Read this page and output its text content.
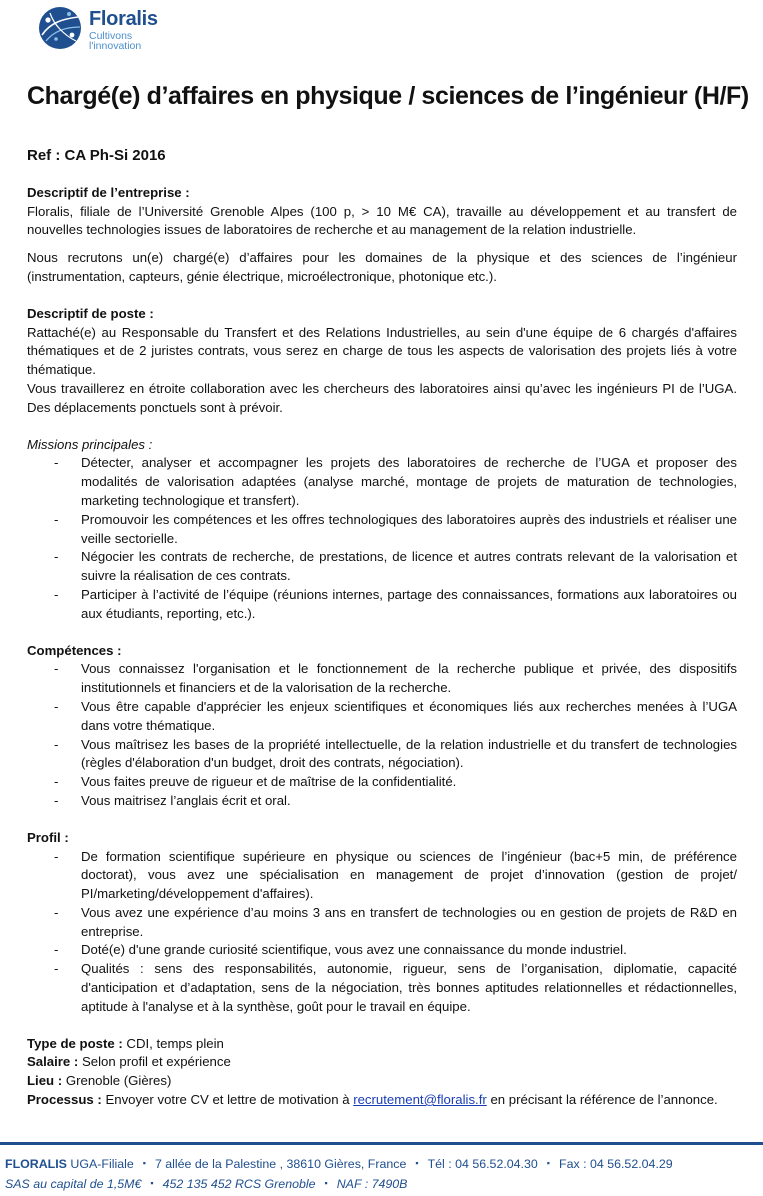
Floralis
Cultivons
l'innovation
Chargé(e) d’affaires en physique / sciences de l’ingénieur (H/F)
Ref : CA Ph-Si 2016
Descriptif de l’entreprise :

Floralis, filiale de l’Université Grenoble Alpes (100 p, > 10 M€ CA), travaille au développement et au transfert de nouvelles technologies issues de laboratoires de recherche et au management de la relation industrielle.

Nous recrutons un(e) chargé(e) d’affaires pour les domaines de la physique et des sciences de l’ingénieur (instrumentation, capteurs, génie électrique, microélectronique, photonique etc.).

Descriptif de poste :

Rattaché(e) au Responsable du Transfert et des Relations Industrielles, au sein d'une équipe de 6 chargés d'affaires thématiques et de 2 juristes contrats, vous serez en charge de tous les aspects de valorisation des projets liés à votre thématique.

Vous travaillerez en étroite collaboration avec les chercheurs des laboratoires ainsi qu’avec les ingénieurs PI de l’UGA. Des déplacements ponctuels sont à prévoir.

Missions principales :
- Détecter, analyser et accompagner les projets des laboratoires de recherche de l’UGA et proposer des modalités de valorisation adaptées (analyse marché, montage de projets de maturation de technologies, marketing technologique et transfert).
- Promouvoir les compétences et les offres technologiques des laboratoires auprès des industriels et réaliser une veille sectorielle.
- Négocier les contrats de recherche, de prestations, de licence et autres contrats relevant de la valorisation et suivre la réalisation de ces contrats.
- Participer à l’activité de l’équipe (réunions internes, partage des connaissances, formations aux laboratoires ou aux étudiants, reporting, etc.).
Compétences :
- Vous connaissez l'organisation et le fonctionnement de la recherche publique et privée, des dispositifs institutionnels et financiers et de la valorisation de la recherche.
- Vous être capable d'apprécier les enjeux scientifiques et économiques liés aux recherches menées à l’UGA dans votre thématique.
- Vous maîtrisez les bases de la propriété intellectuelle, de la relation industrielle et du transfert de technologies (règles d'élaboration d'un budget, droit des contrats, négociation).
- Vous faites preuve de rigueur et de maîtrise de la confidentialité.
- Vous maitrisez l’anglais écrit et oral.
Profil :
- De formation scientifique supérieure en physique ou sciences de l’ingénieur (bac+5 min, de préférence doctorat), vous avez une spécialisation en management de projet d’innovation (gestion de projet/ PI/marketing/développement d'affaires).
- Vous avez une expérience d’au moins 3 ans en transfert de technologies ou en gestion de projets de R&D en entreprise.
- Doté(e) d'une grande curiosité scientifique, vous avez une connaissance du monde industriel.
- Qualités : sens des responsabilités, autonomie, rigueur, sens de l’organisation, diplomatie, capacité d'anticipation et d’adaptation, sens de la négociation, très bonnes aptitudes relationnelles et rédactionnelles, aptitude à l'analyse et à la synthèse, goût pour le travail en équipe.
Type de poste : CDI, temps plein
Salaire : Selon profil et expérience
Lieu : Grenoble (Gières)

Processus : Envoyer votre CV et lettre de motivation à recrutement@floralis.fr en précisant la référence de l’annonce.

FLORALIS UGA-Filiale ▪ 7 allée de la Palestine , 38610 Gières, France ▪ Tél : 04 56.52.04.30 ▪ Fax : 04 56.52.04.29
SAS au capital de 1,5M€ ▪ 452 135 452 RCS Grenoble ▪ NAF : 7490B
